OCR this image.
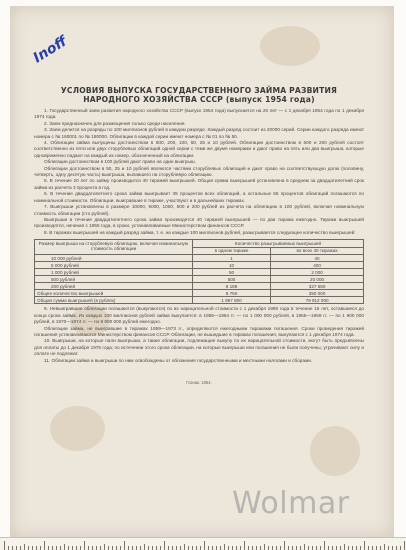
Inoff
УСЛОВИЯ ВЫПУСКА ГОСУДАРСТВЕННОГО ЗАЙМА РАЗВИТИЯ
НАРОДНОГО ХОЗЯЙСТВА СССР (выпуск 1954 года)

1. Государственный заем развития народного хозяйства СССР (выпуск 1954 года) выпускается на 20 лет — с 1 декабря 1954 года по 1 декабря 1974 года.

2. Заем предназначен для размещения только среди населения.

3. Заем делится на разряды по 100 миллионов рублей в каждом разряде. Каждый разряд состоит из 20000 серий. Серии каждого разряда имеют номера с № 160001 по № 180000. Облигации в каждой серии имеют номера с № 01 по № 50.

4. Облигации займа выпущены достоинством в 500, 200, 100, 50, 25 и 10 рублей. Облигации достоинством в 500 и 200 рублей состоят соответственно из пяти или двух сторублевых облигаций одной серии с теми же двумя номерами и дают право на пять или два выигрыша, которые одновременно падают на каждый их номер, обозначенный на облигации.

Облигации достоинством в 100 рублей дают право на один выигрыш.

Облигации достоинством в 50, 25 и 10 рублей являются частями сторублевых облигаций и дают право на соответствующую долю (половину, четверть, одну десятую часть) выигрыша, выпавшего на сторублевую облигацию.

5. В течение 20 лет по займу производится 40 тиражей выигрышей. Общая сумма выигрышей установлена в среднем за двадцатилетний срок займа из расчета 3 процента в год.

6. В течение двадцатилетнего срока займа выигрывает 35 процентов всех облигаций, а остальные 65 процентов облигаций погашаются по номинальной стоимости. Облигации, выигравшие в тираже, участвуют и в дальнейших тиражах.

7. Выигрыши установлены в размере 10000, 5000, 1000, 500 и 200 рублей из расчета на облигацию в 100 рублей, включая номинальную стоимость облигации (сто рублей).

Выигрыши в течение двадцатилетнего срока займа производятся 40 тиражей выигрышей — по два тиража ежегодно. Тиражи выигрышей производятся, начиная с 1955 года, в сроки, устанавливаемые Министерством финансов СССР.

8. В тиражах выигрышей на каждый разряд займа, т. е. на каждые 100 миллионов рублей, разыгрывается следующее количество выигрышей:

Размер выигрыша на сторублевую облигацию, включая номинальную стоимость облигации	Количество разыгрываемых выигрышей	
	в одном тираже	во всех 40 тиражах
10 000 рублей	1	40
5 000 рублей	10	400
1 000 рублей	50	2 000
500 рублей	500	20 000
200 рублей	8 189	327 560
Общее количество выигрышей	8 750	350 000
Общая сумма выигрышей (в рублях)	1 997 800	79 912 000

9. Невыигравшие облигации погашаются (выкупаются) по их нарицательной стоимости с 1 декабря 1959 года в течение 15 лет, оставшиеся до конца срока займа. Из каждых 100 миллионов рублей займа выкупается: в 1959—1964 гг. — по 1 000 000 рублей, в 1965—1969 гг. — по 1 900 000 рублей, в 1970—1974 гг. — по 9 900 000 рублей ежегодно.

Облигации займа, не выигравшие в тиражах 1959—1973 гг., определяются ежегодными тиражами погашения. Сроки проведения тиражей погашения устанавливаются Министерством финансов СССР. Облигации, не вышедшие в тиражах погашения, выкупаются с 1 декабря 1974 года.

10. Выигрыши, на которые пали выигрыши, а также облигации, подлежащие выкупу по их нарицательной стоимости, могут быть предъявлены для оплаты до 1 декабря 1975 года; по истечении этого срока облигации, на которые выигрыши или погашения не были получены, утрачивают силу и оплате не подлежат.

11. Облигации займа и выигрыши по ним освобождены от обложения государственными и местными налогами и сборами.

Гознак. 1954.
Wolmar
